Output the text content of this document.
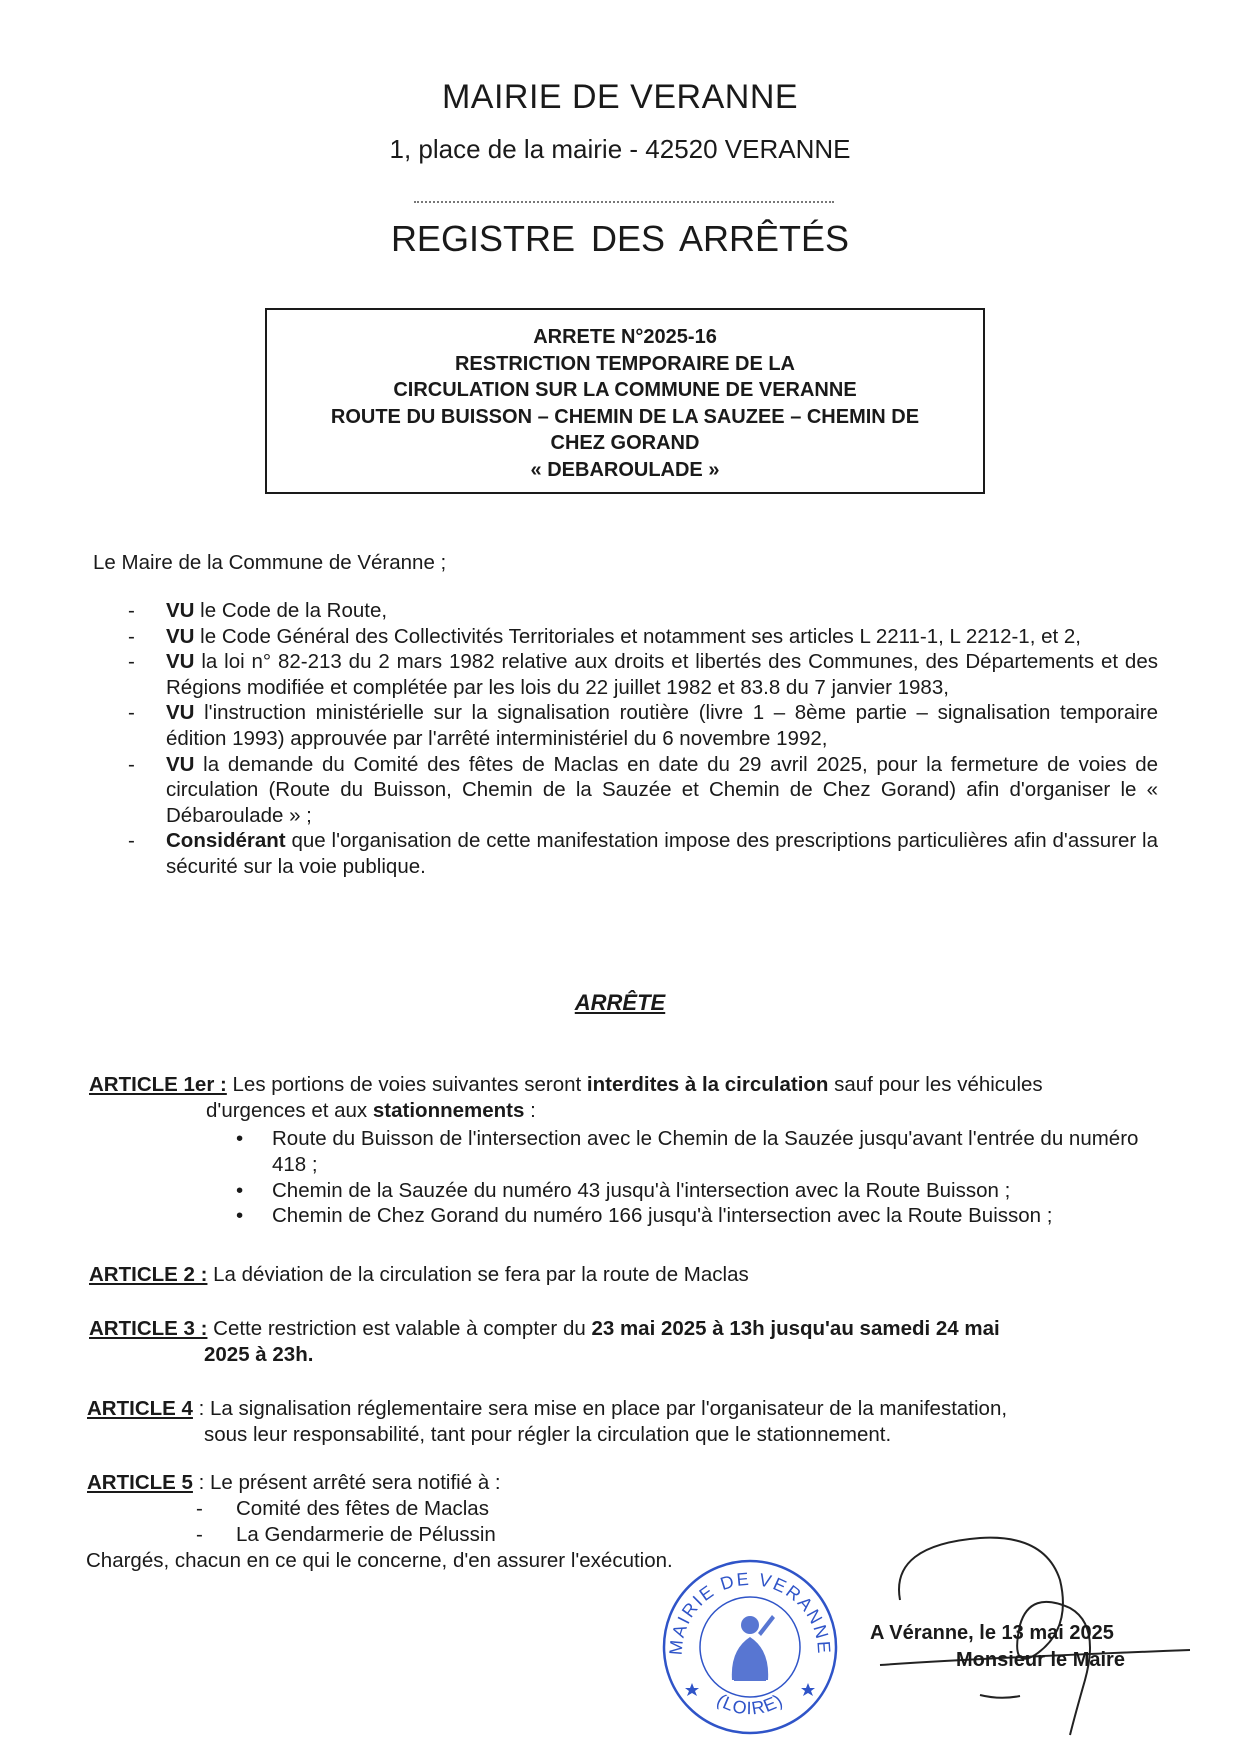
MAIRIE DE VERANNE
1, place de la mairie - 42520 VERANNE
REGISTRE DES ARRÊTÉS
ARRETE N°2025-16
RESTRICTION TEMPORAIRE DE LA
CIRCULATION SUR LA COMMUNE DE VERANNE
ROUTE DU BUISSON – CHEMIN DE LA SAUZEE – CHEMIN DE
CHEZ GORAND
« DEBAROULADE »
Le Maire de la Commune de Véranne ;
- VU le Code de la Route,
- VU le Code Général des Collectivités Territoriales et notamment ses articles L 2211-1, L 2212-1, et 2,
- VU la loi n° 82-213 du 2 mars 1982 relative aux droits et libertés des Communes, des Départements et des Régions modifiée et complétée par les lois du 22 juillet 1982 et 83.8 du 7 janvier 1983,
- VU l'instruction ministérielle sur la signalisation routière (livre 1 – 8ème partie – signalisation temporaire édition 1993) approuvée par l'arrêté interministériel du 6 novembre 1992,
- VU la demande du Comité des fêtes de Maclas en date du 29 avril 2025, pour la fermeture de voies de circulation (Route du Buisson, Chemin de la Sauzée et Chemin de Chez Gorand) afin d'organiser le « Débaroulade » ;
- Considérant que l'organisation de cette manifestation impose des prescriptions particulières afin d'assurer la sécurité sur la voie publique.
ARRÊTE
ARTICLE 1er : Les portions de voies suivantes seront interdites à la circulation sauf pour les véhicules
d'urgences et aux stationnements :
• Route du Buisson de l'intersection avec le Chemin de la Sauzée jusqu'avant l'entrée du numéro 418 ;
• Chemin de la Sauzée du numéro 43 jusqu'à l'intersection avec la Route Buisson ;
• Chemin de Chez Gorand du numéro 166 jusqu'à l'intersection avec la Route Buisson ;
ARTICLE 2 : La déviation de la circulation se fera par la route de Maclas
ARTICLE 3 : Cette restriction est valable à compter du 23 mai 2025 à 13h jusqu'au samedi 24 mai
2025 à 23h.
ARTICLE 4 : La signalisation réglementaire sera mise en place par l'organisateur de la manifestation,
sous leur responsabilité, tant pour régler la circulation que le stationnement.
ARTICLE 5 : Le présent arrêté sera notifié à :
- Comité des fêtes de Maclas
- La Gendarmerie de Pélussin
Chargés, chacun en ce qui le concerne, d'en assurer l'exécution.
MAIRIE DE VERANNE
(LOIRE)
A Véranne, le 13 mai 2025
Monsieur le Maire
